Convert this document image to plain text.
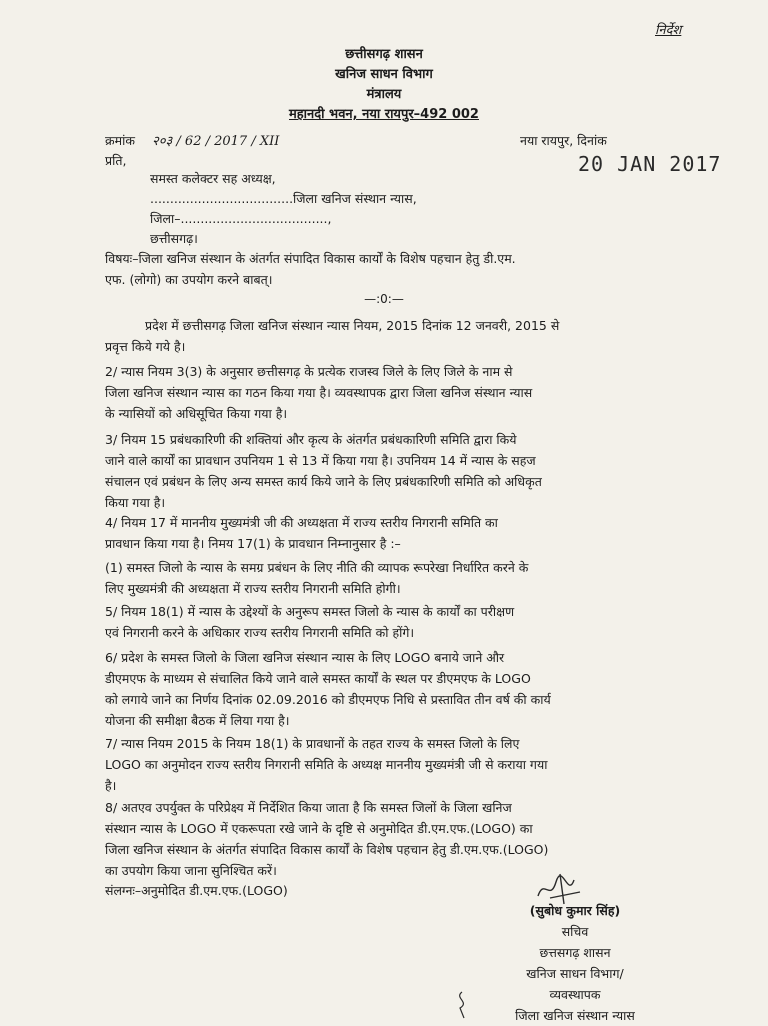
निर्देश
छत्तीसगढ़ शासन
खनिज साधन विभाग
मंत्रालय
महानदी भवन, नया रायपुर–492 002
क्रमांक २०३ / 62 / 2017 / XII	नया रायपुर, दिनांक
20 JAN 2017
प्रति,
समस्त कलेक्टर सह अध्यक्ष,
....................................जिला खनिज संस्थान न्यास,
जिला–.....................................,
छत्तीसगढ़।
विषयः–जिला खनिज संस्थान के अंतर्गत संपादित विकास कार्यों के विशेष पहचान हेतु डी.एम.
एफ. (लोगो) का उपयोग करने बाबत्।
—:0:—
प्रदेश में छत्तीसगढ़ जिला खनिज संस्थान न्यास नियम, 2015 दिनांक 12 जनवरी, 2015 से
प्रवृत्त किये गये है।
2/ न्यास नियम 3(3) के अनुसार छत्तीसगढ़ के प्रत्येक राजस्व जिले के लिए जिले के नाम से
जिला खनिज संस्थान न्यास का गठन किया गया है। व्यवस्थापक द्वारा जिला खनिज संस्थान न्यास
के न्यासियों को अधिसूचित किया गया है।
3/ नियम 15 प्रबंधकारिणी की शक्तियां और कृत्य के अंतर्गत प्रबंधकारिणी समिति द्वारा किये
जाने वाले कार्यों का प्रावधान उपनियम 1 से 13 में किया गया है। उपनियम 14 में न्यास के सहज
संचालन एवं प्रबंधन के लिए अन्य समस्त कार्य किये जाने के लिए प्रबंधकारिणी समिति को अधिकृत
किया गया है।
4/ नियम 17 में माननीय मुख्यमंत्री जी की अध्यक्षता में राज्य स्तरीय निगरानी समिति का
प्रावधान किया गया है। निमय 17(1) के प्रावधान निम्नानुसार है :–
(1) समस्त जिलो के न्यास के समग्र प्रबंधन के लिए नीति की व्यापक रूपरेखा निर्धारित करने के
लिए मुख्यमंत्री की अध्यक्षता में राज्य स्तरीय निगरानी समिति होगी।
5/ नियम 18(1) में न्यास के उद्देश्यों के अनुरूप समस्त जिलो के न्यास के कार्यों का परीक्षण
एवं निगरानी करने के अधिकार राज्य स्तरीय निगरानी समिति को होंगे।
6/ प्रदेश के समस्त जिलो के जिला खनिज संस्थान न्यास के लिए LOGO बनाये जाने और
डीएमएफ के माध्यम से संचालित किये जाने वाले समस्त कार्यों के स्थल पर डीएमएफ के LOGO
को लगाये जाने का निर्णय दिनांक 02.09.2016 को डीएमएफ निधि से प्रस्तावित तीन वर्ष की कार्य
योजना की समीक्षा बैठक में लिया गया है।
7/ न्यास नियम 2015 के नियम 18(1) के प्रावधानों के तहत राज्य के समस्त जिलो के लिए
LOGO का अनुमोदन राज्य स्तरीय निगरानी समिति के अध्यक्ष माननीय मुख्यमंत्री जी से कराया गया
है।
8/ अतएव उपर्युक्त के परिप्रेक्ष्य में निर्देशित किया जाता है कि समस्त जिलों के जिला खनिज
संस्थान न्यास के LOGO में एकरूपता रखे जाने के दृष्टि से अनुमोदित डी.एम.एफ.(LOGO) का
जिला खनिज संस्थान के अंतर्गत संपादित विकास कार्यों के विशेष पहचान हेतु डी.एम.एफ.(LOGO)
का उपयोग किया जाना सुनिश्चित करें।
संलग्नः–अनुमोदित डी.एम.एफ.(LOGO)
(सुबोध कुमार सिंह)
सचिव
छत्तसगढ़ शासन
खनिज साधन विभाग/
व्यवस्थापक
जिला खनिज संस्थान न्यास
